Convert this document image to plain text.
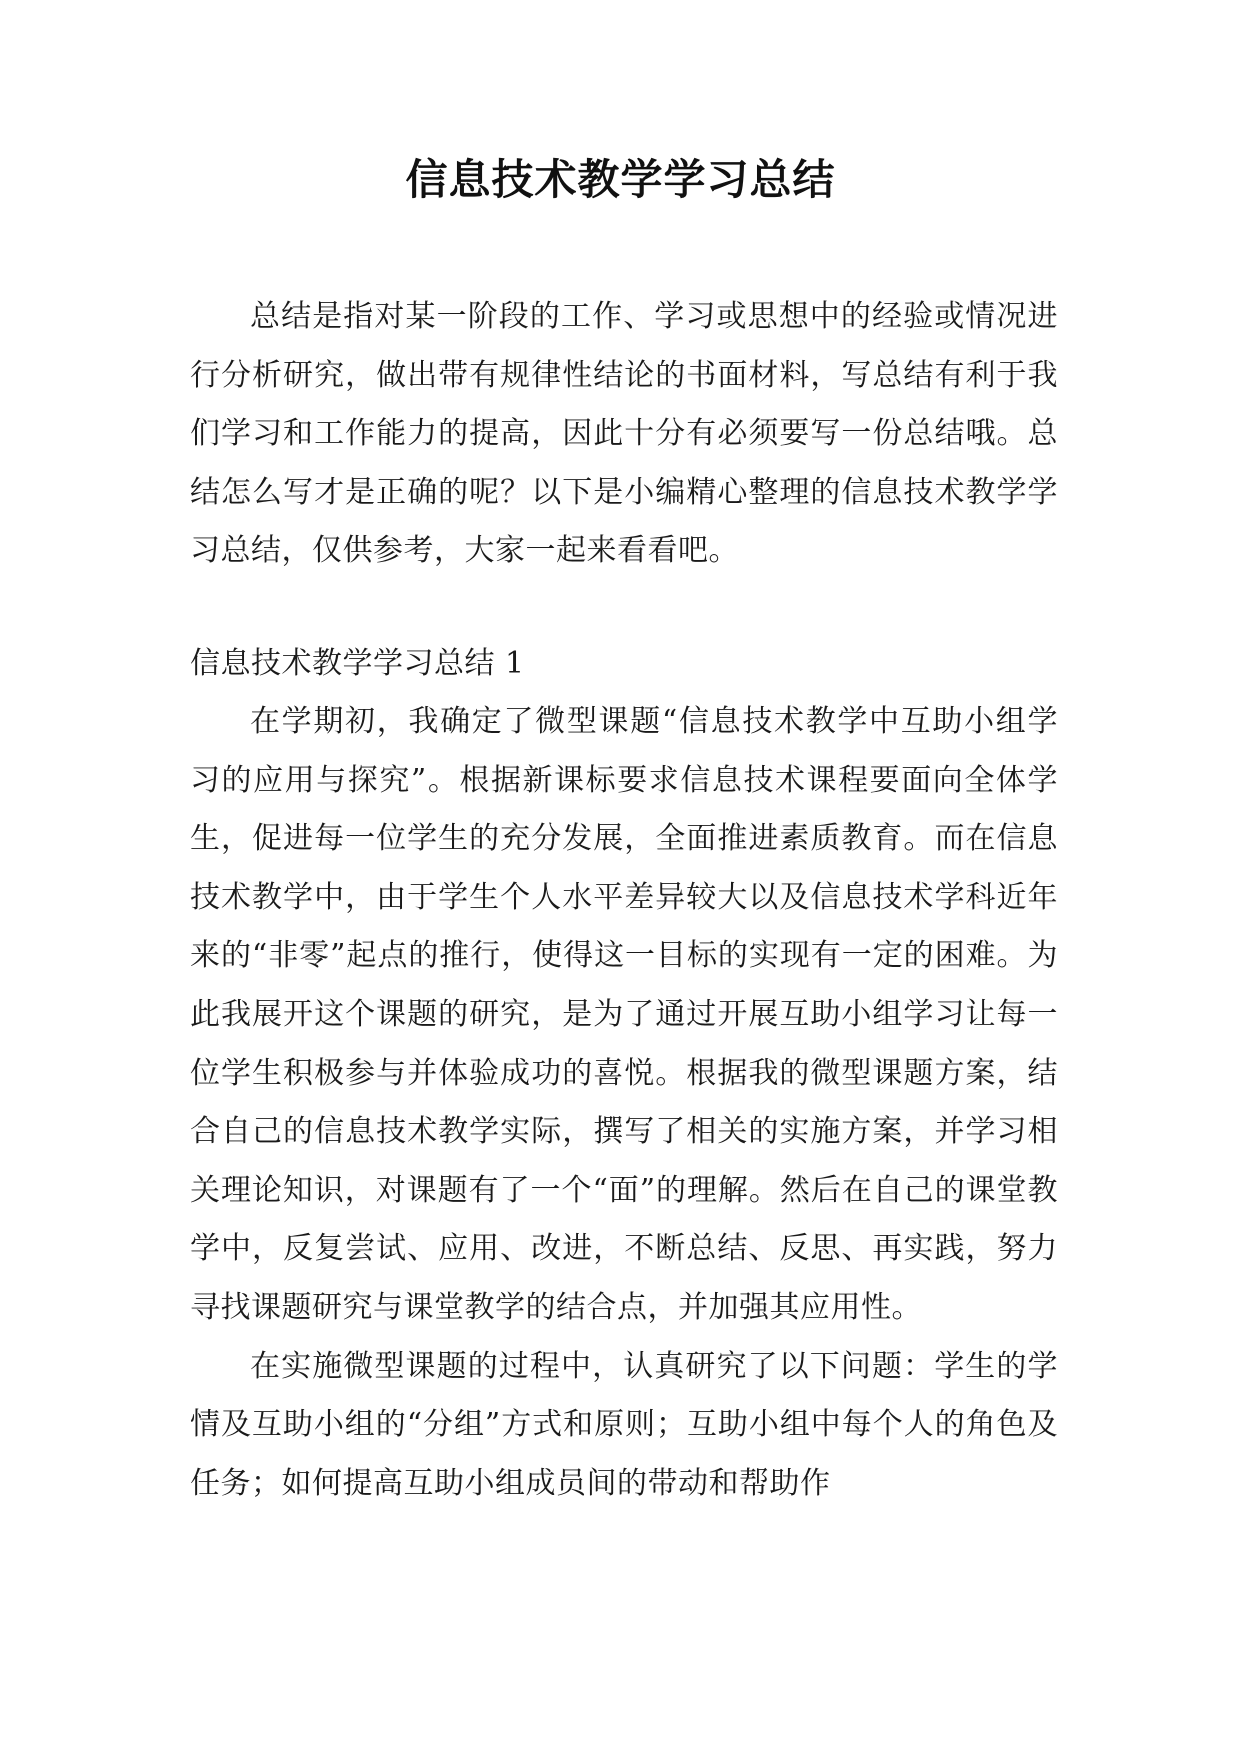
信息技术教学学习总结

总结是指对某一阶段的工作、学习或思想中的经验或情况进行分析研究，做出带有规律性结论的书面材料，写总结有利于我们学习和工作能力的提高，因此十分有必须要写一份总结哦。总结怎么写才是正确的呢？以下是小编精心整理的信息技术教学学习总结，仅供参考，大家一起来看看吧。

信息技术教学学习总结 1

在学期初，我确定了微型课题“信息技术教学中互助小组学习的应用与探究”。根据新课标要求信息技术课程要面向全体学生，促进每一位学生的充分发展，全面推进素质教育。而在信息技术教学中，由于学生个人水平差异较大以及信息技术学科近年来的“非零”起点的推行，使得这一目标的实现有一定的困难。为此我展开这个课题的研究，是为了通过开展互助小组学习让每一位学生积极参与并体验成功的喜悦。根据我的微型课题方案，结合自己的信息技术教学实际，撰写了相关的实施方案，并学习相关理论知识，对课题有了一个“面”的理解。然后在自己的课堂教学中，反复尝试、应用、改进，不断总结、反思、再实践，努力寻找课题研究与课堂教学的结合点，并加强其应用性。

在实施微型课题的过程中，认真研究了以下问题：学生的学情及互助小组的“分组”方式和原则；互助小组中每个人的角色及任务；如何提高互助小组成员间的带动和帮助作
